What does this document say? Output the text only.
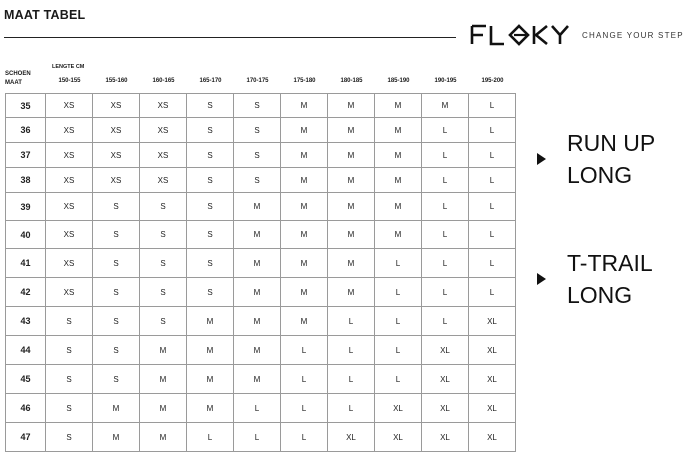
MAAT TABEL
CHANGE YOUR STEP
LENGTE CM
SCHOEN
MAAT	150-155	155-160	160-165	165-170	170-175	175-180	180-185	185-190	190-195	195-200
35	XS	XS	XS	S	S	M	M	M	M	L
36	XS	XS	XS	S	S	M	M	M	L	L
37	XS	XS	XS	S	S	M	M	M	L	L
38	XS	XS	XS	S	S	M	M	M	L	L
39	XS	S	S	S	M	M	M	M	L	L
40	XS	S	S	S	M	M	M	M	L	L
41	XS	S	S	S	M	M	M	L	L	L
42	XS	S	S	S	M	M	M	L	L	L
43	S	S	S	M	M	M	L	L	L	XL
44	S	S	M	M	M	L	L	L	XL	XL
45	S	S	M	M	M	L	L	L	XL	XL
46	S	M	M	M	L	L	L	XL	XL	XL
47	S	M	M	L	L	L	XL	XL	XL	XL
RUN UP
LONG
T-TRAIL
LONG
